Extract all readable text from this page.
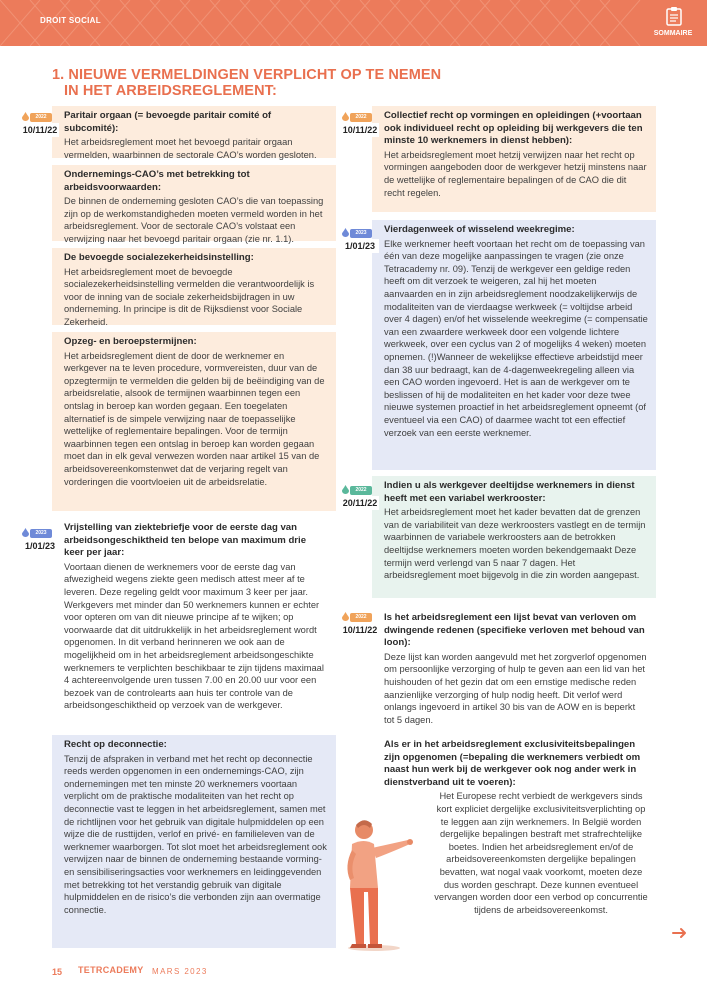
DROIT SOCIAL
SOMMAIRE
1. NIEUWE VERMELDINGEN VERPLICHT OP TE NEMEN
IN HET ARBEIDSREGLEMENT:
Paritair orgaan (= bevoegde paritair comité of subcomité):

Het arbeidsreglement moet het bevoegd paritair orgaan vermelden, waarbinnen de sectorale CAO’s worden gesloten.

Ondernemings-CAO’s met betrekking tot arbeidsvoorwaarden:

De binnen de onderneming gesloten CAO’s die van toepassing zijn op de werkomstandigheden moeten vermeld worden in het arbeidsreglement. Voor de sectorale CAO’s volstaat een verwijzing naar het bevoegd paritair orgaan (zie nr. 1.1).

De bevoegde socialezekerheidsinstelling:

Het arbeidsreglement moet de bevoegde socialezekerheidsinstelling vermelden die verantwoordelijk is voor de inning van de sociale zekerheidsbijdragen in uw onderneming. In principe is dit de Rijksdienst voor Sociale Zekerheid.

Opzeg- en beroepstermijnen:

Het arbeidsreglement dient de door de werknemer en werkgever na te leven procedure, vormvereisten, duur van de opzegtermijn te vermelden die gelden bij de beëindiging van de arbeidsrelatie, alsook de termijnen waarbinnen tegen een ontslag in beroep kan worden gegaan. Een toegelaten alternatief is de simpele verwijzing naar de toepasselijke wettelijke of reglementaire bepalingen. Voor de termijn waarbinnen tegen een ontslag in beroep kan worden gegaan moet dan in elk geval verwezen worden naar artikel 15 van de arbeidsovereenkomstenwet dat de verjaring regelt van vorderingen die voortvloeien uit de arbeidsrelatie.

Vrijstelling van ziektebriefje voor de eerste dag van arbeidsongeschiktheid ten belope van maximum drie keer per jaar:

Voortaan dienen de werknemers voor de eerste dag van afwezigheid wegens ziekte geen medisch attest meer af te leveren. Deze regeling geldt voor maximum 3 keer per jaar. Werkgevers met minder dan 50 werknemers kunnen er echter voor opteren om van dit nieuwe principe af te wijken; op voorwaarde dat dit uitdrukkelijk in het arbeidsreglement wordt opgenomen. In dit verband herinneren we ook aan de mogelijkheid om in het arbeidsreglement arbeidsongeschikte werknemers te verplichten beschikbaar te zijn tijdens maximaal 4 achtereenvolgende uren tussen 7.00 en 20.00 uur voor een bezoek van de controlearts aan huis ter controle van de arbeidsongeschiktheid op verzoek van de werkgever.

Recht op deconnectie:

Tenzij de afspraken in verband met het recht op deconnectie reeds werden opgenomen in een ondernemings-CAO, zijn ondernemingen met ten minste 20 werknemers voortaan verplicht om de praktische modaliteiten van het recht op deconnectie vast te leggen in het arbeidsreglement, samen met de richtlijnen voor het gebruik van digitale hulpmiddelen op een wijze die de rusttijden, verlof en privé- en familieleven van de werknemer waarborgen. Tot slot moet het arbeidsreglement ook verwijzen naar de binnen de onderneming bestaande vorming- en sensibiliseringsacties voor werknemers en leidinggevenden met betrekking tot het verstandig gebruik van digitale hulpmiddelen en de risico’s die verbonden zijn aan overmatige connectie.

Collectief recht op vormingen en opleidingen (+voortaan ook individueel recht op opleiding bij werkgevers die ten minste 10 werknemers in dienst hebben):

Het arbeidsreglement moet hetzij verwijzen naar het recht op vormingen aangeboden door de werkgever hetzij minstens naar de wettelijke of reglementaire bepalingen of de CAO die dit recht regelen.

Vierdagenweek of wisselend weekregime:

Elke werknemer heeft voortaan het recht om de toepassing van één van deze mogelijke aanpassingen te vragen (zie onze Tetracademy nr. 09). Tenzij de werkgever een geldige reden heeft om dit verzoek te weigeren, zal hij het moeten aanvaarden en in zijn arbeidsreglement noodzakelijkerwijs de modaliteiten van de vierdaagse werkweek (= voltijdse arbeid over 4 dagen) en/of het wisselende weekregime (= compensatie van een zwaardere werkweek door een volgende lichtere werkweek, over een cyclus van 2 of mogelijks 4 weken) moeten opnemen. (!)Wanneer de wekelijkse effectieve arbeidstijd meer dan 38 uur bedraagt, kan de 4-dagenweekregeling alleen via een CAO worden ingevoerd. Het is aan de werkgever om te beslissen of hij de modaliteiten en het kader voor deze twee nieuwe systemen proactief in het arbeidsreglement opneemt (of eventueel via een CAO) of daarmee wacht tot een effectief verzoek van een eerste werknemer.

Indien u als werkgever deeltijdse werknemers in dienst heeft met een variabel werkrooster:

Het arbeidsreglement moet het kader bevatten dat de grenzen van de variabiliteit van deze werkroosters vastlegt en de termijn waarbinnen de variabele werkroosters aan de betrokken deeltijdse werknemers moeten worden bekendgemaakt Deze termijn werd verlengd van 5 naar 7 dagen. Het arbeidsreglement moet bijgevolg in die zin worden aangepast.

Is het arbeidsreglement een lijst bevat van verloven om dwingende redenen (specifieke verloven met behoud van loon):

Deze lijst kan worden aangevuld met het zorgverlof opgenomen om persoonlijke verzorging of hulp te geven aan een lid van het huishouden of het gezin dat om een ernstige medische reden aanzienlijke verzorging of hulp nodig heeft. Dit verlof werd onlangs ingevoerd in artikel 30 bis van de AOW en is beperkt tot 5 dagen.

Als er in het arbeidsreglement exclusiviteitsbepalingen zijn opgenomen (=bepaling die werknemers verbiedt om naast hun werk bij de werkgever ook nog ander werk in dienstverband uit te voeren):

Het Europese recht verbiedt de werkgevers sinds kort expliciet dergelijke exclusiviteitsverplichting op te leggen aan zijn werknemers. In België worden dergelijke bepalingen bestraft met strafrechtelijke boetes. Indien het arbeidsreglement en/of de arbeidsovereenkomsten dergelijke bepalingen bevatten, wat nogal vaak voorkomt, moeten deze dus worden geschrapt. Deze kunnen eventueel vervangen worden door een verbod op concurrentie tijdens de arbeidsovereenkomst.

2022
10/11/22
2023
1/01/23
2022
10/11/22
2023
1/01/23
2022
20/11/22
2022
10/11/22
15 TETRCADEMY MARS 2023
